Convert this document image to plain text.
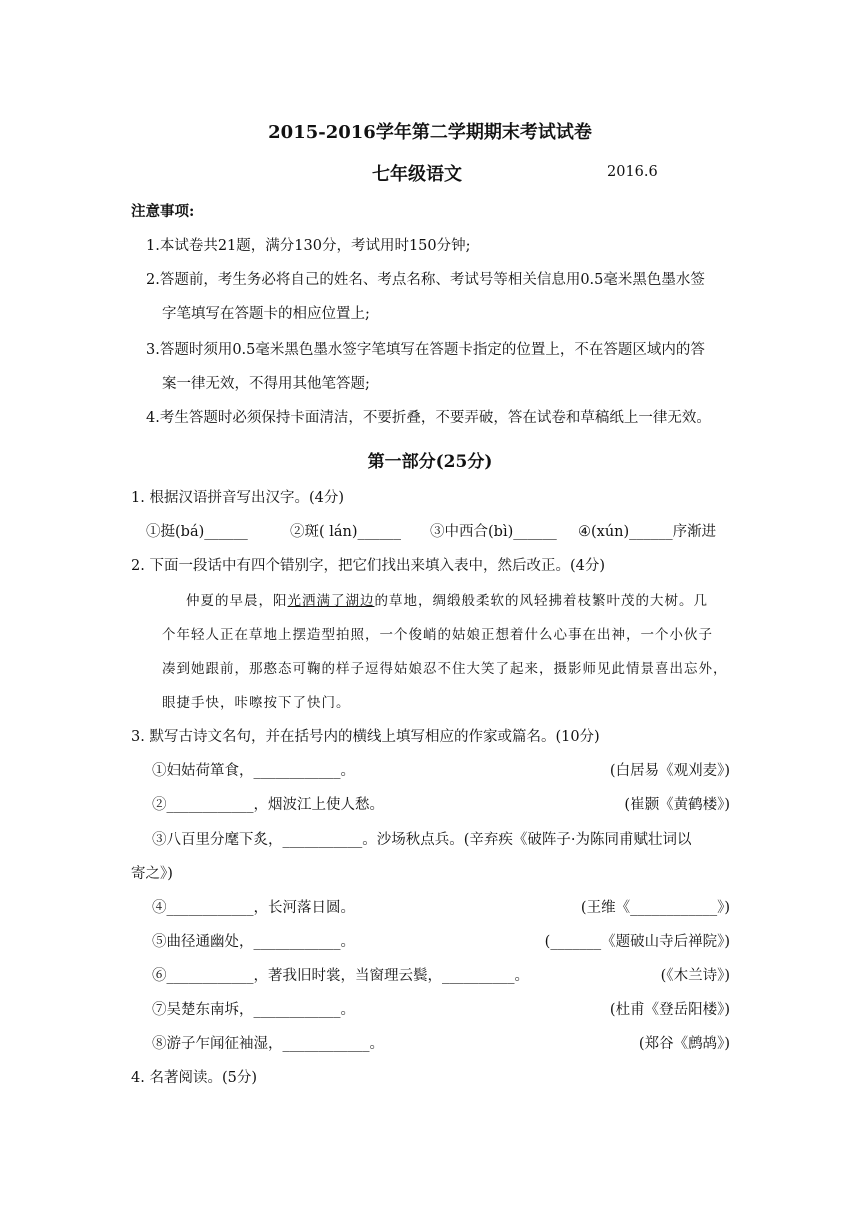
2015-2016学年第二学期期末考试试卷
七年级语文	2016.6
注意事项:
1.本试卷共21题，满分130分，考试用时150分钟;
2.答题前，考生务必将自己的姓名、考点名称、考试号等相关信息用0.5毫米黑色墨水签
字笔填写在答题卡的相应位置上;
3.答题时须用0.5毫米黑色墨水签字笔填写在答题卡指定的位置上，不在答题区域内的答
案一律无效，不得用其他笔答题;
4.考生答题时必须保持卡面清洁，不要折叠，不要弄破，答在试卷和草稿纸上一律无效。
第一部分(25分)
1. 根据汉语拼音写出汉字。(4分)
①挺(bá)______	②斑( lán)______ ③中西合(bì)______ ④(xún)______序渐进
2. 下面一段话中有四个错别字，把它们找出来填入表中，然后改正。(4分)
仲夏的早晨，阳光洒满了湖边的草地，绸缎般柔软的风轻拂着枝繁叶茂的大树。几
个年轻人正在草地上摆造型拍照，一个俊峭的姑娘正想着什么心事在出神，一个小伙子
凑到她跟前，那憨态可鞠的样子逗得姑娘忍不住大笑了起来，摄影师见此情景喜出忘外，
眼捷手快，咔嚓按下了快门。
3. 默写古诗文名句，并在括号内的横线上填写相应的作家或篇名。(10分)
①妇姑荷箪食，____________。	(白居易《观刈麦》)
②____________，烟波江上使人愁。	(崔颢《黄鹤楼》)
③八百里分麾下炙，___________。沙场秋点兵。(辛弃疾《破阵子·为陈同甫赋壮词以
寄之》)
④____________，长河落日圆。	(王维《____________》)
⑤曲径通幽处，____________。	(_______《题破山寺后禅院》)
⑥____________，著我旧时裳，当窗理云鬓，__________。	(《木兰诗》)
⑦吴楚东南坼，____________。	(杜甫《登岳阳楼》)
⑧游子乍闻征袖湿，____________。	(郑谷《鹧鸪》)
4. 名著阅读。(5分)
